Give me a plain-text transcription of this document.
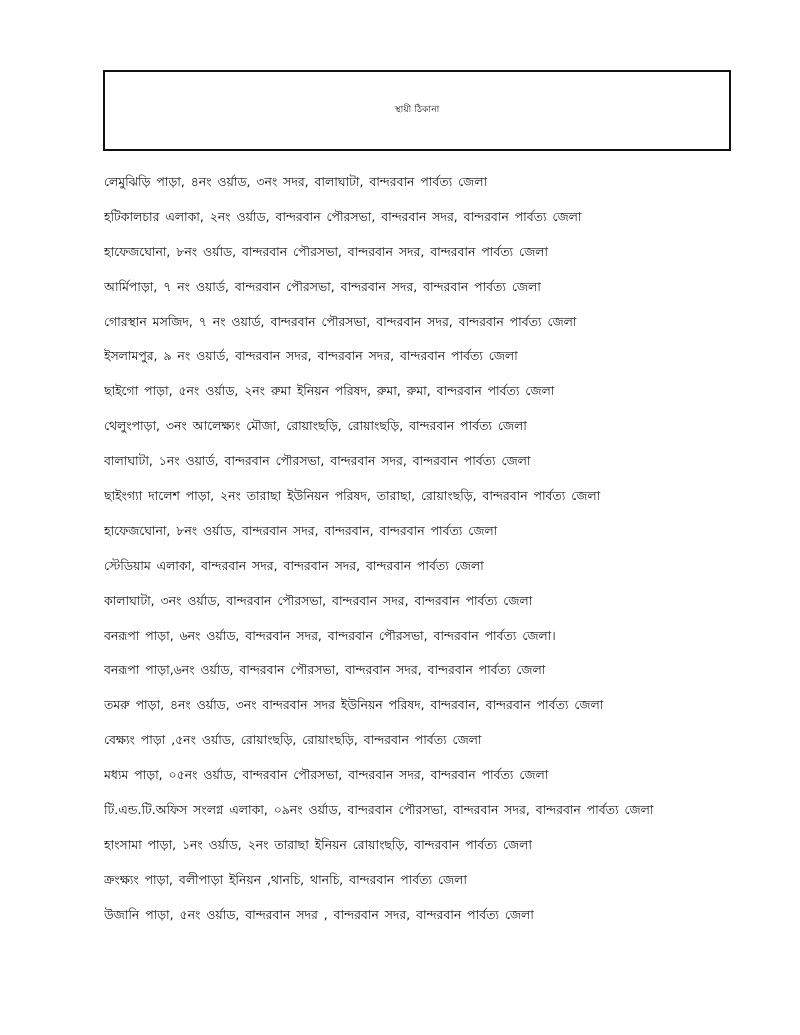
স্থায়ী ঠিকানা
লেমুঝিড়ি পাড়া, ৪নং ওর্য়াড, ৩নং সদর, বালাঘাটা, বান্দরবান পার্বত্য জেলা
হটিকালচার এলাকা, ২নং ওর্য়াড, বান্দরবান পৌরসভা, বান্দরবান সদর, বান্দরবান পার্বত্য জেলা
হাফেজঘোনা, ৮নং ওর্য়াড, বান্দরবান পৌরসভা, বান্দরবান সদর, বান্দরবান পার্বত্য জেলা
আর্মিপাড়া, ৭ নং ওয়ার্ড, বান্দরবান পৌরসভা, বান্দরবান সদর, বান্দরবান পার্বত্য জেলা
গোরস্থান মসজিদ, ৭ নং ওয়ার্ড, বান্দরবান পৌরসভা, বান্দরবান সদর, বান্দরবান পার্বত্য জেলা
ইসলামপুর, ৯ নং ওয়ার্ড, বান্দরবান সদর, বান্দরবান সদর, বান্দরবান পার্বত্য জেলা
ছাইগো পাড়া, ৫নং ওর্য়াড, ২নং রুমা ইনিয়ন পরিষদ, রুমা, রুমা, বান্দরবান পার্বত্য জেলা
থেলুংপাড়া, ৩নং আলেক্ষ্যং মৌজা, রোয়াংছড়ি, রোয়াংছড়ি, বান্দরবান পার্বত্য জেলা
বালাঘাটা, ১নং ওয়ার্ড, বান্দরবান পৌরসভা, বান্দরবান সদর, বান্দরবান পার্বত্য জেলা
ছাইংগ্যা দালেশ পাড়া, ২নং তারাছা ইউনিয়ন পরিষদ, তারাছা, রোয়াংছড়ি, বান্দরবান পার্বত্য জেলা
হাফেজঘোনা, ৮নং ওর্য়াড, বান্দরবান সদর, বান্দরবান, বান্দরবান পার্বত্য জেলা
স্টেডিয়াম এলাকা, বান্দরবান সদর, বান্দরবান সদর, বান্দরবান পার্বত্য জেলা
কালাঘাটা, ৩নং ওর্য়াড, বান্দরবান পৌরসভা, বান্দরবান সদর, বান্দরবান পার্বত্য জেলা
বনরূপা পাড়া, ৬নং ওর্য়াড, বান্দরবান সদর, বান্দরবান পৌরসভা, বান্দরবান পার্বত্য জেলা।
বনরূপা পাড়া,৬নং ওর্য়াড, বান্দরবান পৌরসভা, বান্দরবান সদর, বান্দরবান পার্বত্য জেলা
তমরু পাড়া, ৪নং ওর্য়াড, ৩নং বান্দরবান সদর ইউনিয়ন পরিষদ, বান্দরবান, বান্দরবান পার্বত্য জেলা
বেক্ষ্যং পাড়া ,৫নং ওর্য়াড, রোয়াংছড়ি, রোয়াংছড়ি, বান্দরবান পার্বত্য জেলা
মধ্যম পাড়া, ০৫নং ওর্য়াড, বান্দরবান পৌরসভা, বান্দরবান সদর, বান্দরবান পার্বত্য জেলা
টি.এন্ড.টি.অফিস সংলগ্ন এলাকা, ০৯নং ওর্য়াড, বান্দরবান পৌরসভা, বান্দরবান সদর, বান্দরবান পার্বত্য জেলা
হাংসামা পাড়া, ১নং ওর্য়াড, ২নং তারাছা ইনিয়ন রোয়াংছড়ি, বান্দরবান পার্বত্য জেলা
ক্রংক্ষ্যং পাড়া, বলীপাড়া ইনিয়ন ,থানচি, থানচি, বান্দরবান পার্বত্য জেলা
উজানি পাড়া, ৫নং ওর্য়াড, বান্দরবান সদর , বান্দরবান সদর, বান্দরবান পার্বত্য জেলা
